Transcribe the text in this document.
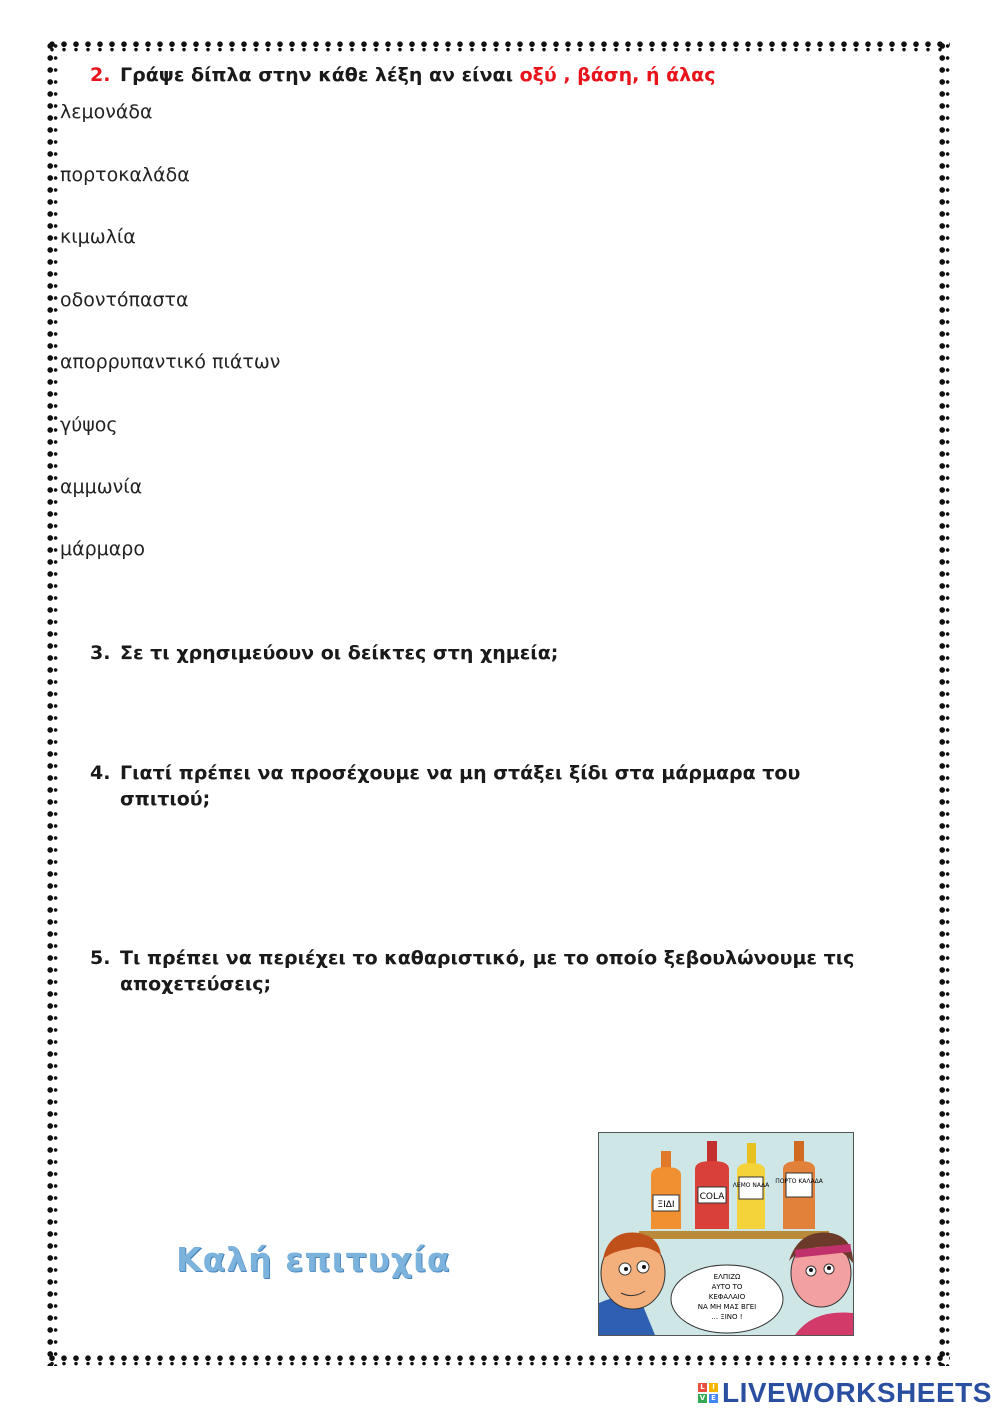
2. Γράψε δίπλα στην κάθε λέξη αν είναι οξύ , βάση, ή άλας
λεμονάδα
πορτοκαλάδα
κιμωλία
οδοντόπαστα
απορρυπαντικό πιάτων
γύψος
αμμωνία
μάρμαρο
3. Σε τι χρησιμεύουν οι δείκτες στη χημεία;
4. Γιατί πρέπει να προσέχουμε να μη στάξει ξίδι στα μάρμαρα του
σπιτιού;
5. Τι πρέπει να περιέχει το καθαριστικό, με το οποίο ξεβουλώνουμε τις
αποχετεύσεις;
Καλή επιτυχία
ΞΙΔΙ
COLA
ΛΕΜΟ ΝΑΔΑ
ΠΟΡΤΟ ΚΑΛΑΔΑ
ΕΛΠΙΖΩ
ΑΥΤΟ ΤΟ
ΚΕΦΑΛΑΙΟ
ΝΑ ΜΗ ΜΑΣ ΒΓΕΙ
... ΞΙΝΟ !
L	I
V E LIVEWORKSHEETS
